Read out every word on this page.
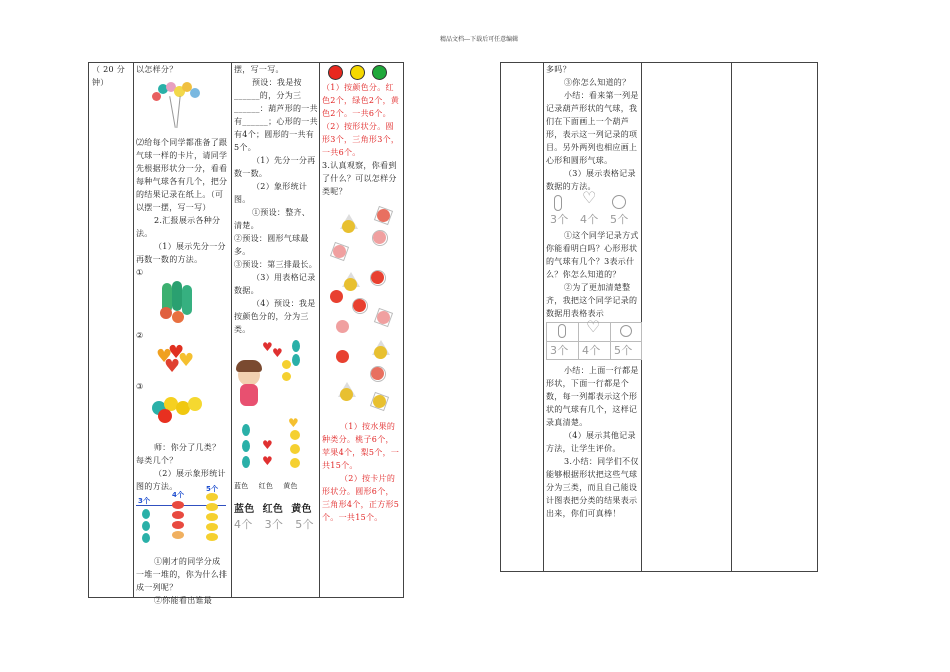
精品文档---下载后可任意编辑

（ 20 分钟）

以怎样分？

⑵给每个同学都准备了跟气球一样的卡片，请同学先根据形状分一分，看看每种气球各有几个，把分的结果记录在纸上。（可以摆一摆，写一写）

2.汇报展示各种分法。

（1）展示先分一分再数一数的方法。

①

②

♥
♥
♥
♥

③

师：你分了几类？每类几个？

（2）展示象形统计图的方法。

3个
4个
5个

①刚才的同学分成一堆一堆的，你为什么排成一列呢？

②你能看出谁最

摆，写一写。

预设：我是按______的，分为三______：葫芦形的一共有______；心形的一共有4个；圆形的一共有5个。

（1）先分一分再数一数。

（2）象形统计图。

①预设：整齐、清楚。

②预设：圆形气球最多。

③预设：第三排最长。

（3）用表格记录数据。

（4）预设：我是按颜色分的，分为三类。

♥
♥
♥
♥
♥
蓝色 红色 黄色
蓝色 红色 黄色
4个 3个 5个

（1）按颜色分。红色2个，绿色2个，黄色2个。一共6个。

（2）按形状分。圆形3个，三角形3个，一共6个。

3.认真观察，你看到了什么？可以怎样分类呢？

（1）按水果的种类分。桃子6个，苹果4个，梨5个，一共15个。

（2）按卡片的形状分。圆形6个，三角形4个，正方形5个。一共15个。

多吗？

③你怎么知道的？

小结：看来第一列是记录葫芦形状的气球，我们在下面画上一个葫芦形，表示这一列记录的项目。另外两列也相应画上心形和圆形气球。

（3）展示表格记录数据的方法。

♡
3个 4个 5个

①这个同学记录方式你能看明白吗？心形形状的气球有几个？3表示什么？你怎么知道的？

②为了更加清楚整齐，我把这个同学记录的数据用表格表示

♡
3个 4个 5个

小结：上面一行都是形状，下面一行都是个数，每一列都表示这个形状的气球有几个，这样记录真清楚。

（4）展示其他记录方法，让学生评价。

3.小结：同学们不仅能够根据形状把这些气球分为三类，而且自己能设计图表把分类的结果表示出来，你们可真棒！
